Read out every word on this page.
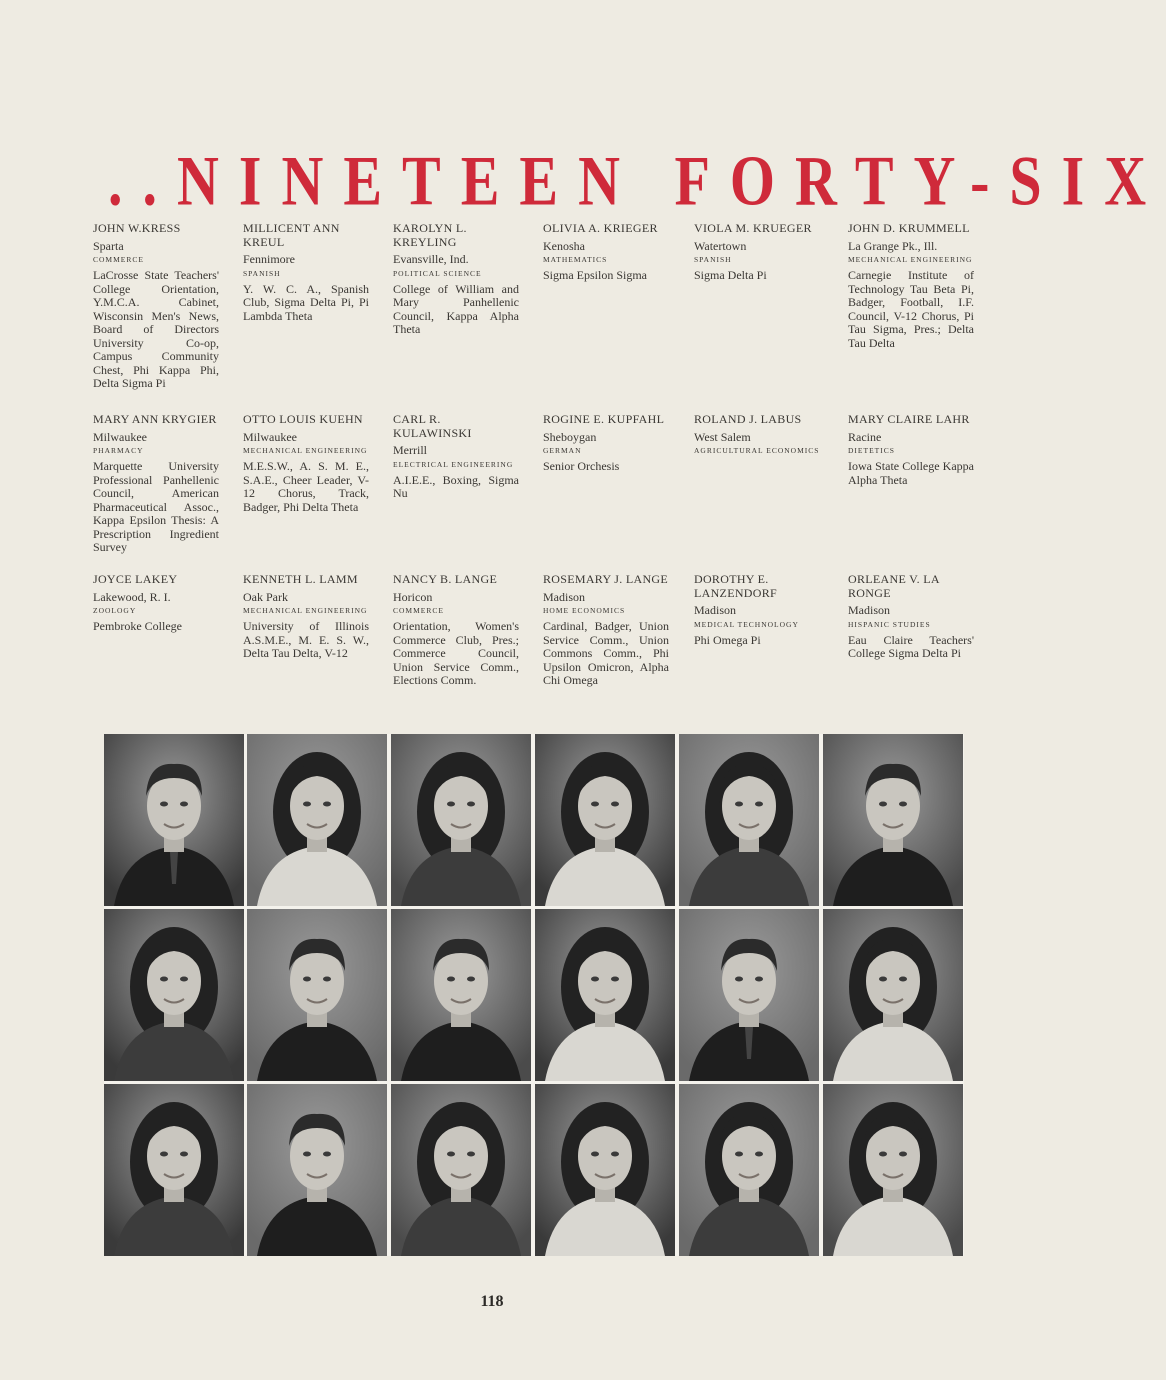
..NINETEEN FORTY-SIX
JOHN W.KRESS
Sparta
COMMERCE
LaCrosse State Teachers' College Orientation, Y.M.C.A. Cabinet, Wisconsin Men's News, Board of Directors University Co-op, Campus Community Chest, Phi Kappa Phi, Delta Sigma Pi
MILLICENT ANN KREUL
Fennimore
SPANISH
Y. W. C. A., Spanish Club, Sigma Delta Pi, Pi Lambda Theta
KAROLYN L. KREYLING
Evansville, Ind.
POLITICAL SCIENCE
College of William and Mary Panhellenic Council, Kappa Alpha Theta
OLIVIA A. KRIEGER
Kenosha
MATHEMATICS
Sigma Epsilon Sigma
VIOLA M. KRUEGER
Watertown
SPANISH
Sigma Delta Pi
JOHN D. KRUMMELL
La Grange Pk., Ill.
MECHANICAL ENGINEERING
Carnegie Institute of Technology Tau Beta Pi, Badger, Football, I.F. Council, V-12 Chorus, Pi Tau Sigma, Pres.; Delta Tau Delta
MARY ANN KRYGIER
Milwaukee
PHARMACY
Marquette University Professional Panhellenic Council, American Pharmaceutical Assoc., Kappa Epsilon Thesis: A Prescription Ingredient Survey
OTTO LOUIS KUEHN
Milwaukee
MECHANICAL ENGINEERING
M.E.S.W., A. S. M. E., S.A.E., Cheer Leader, V-12 Chorus, Track, Badger, Phi Delta Theta
CARL R. KULAWINSKI
Merrill
ELECTRICAL ENGINEERING
A.I.E.E., Boxing, Sigma Nu
ROGINE E. KUPFAHL
Sheboygan
GERMAN
Senior Orchesis
ROLAND J. LABUS
West Salem
AGRICULTURAL ECONOMICS
MARY CLAIRE LAHR
Racine
DIETETICS
Iowa State College Kappa Alpha Theta
JOYCE LAKEY
Lakewood, R. I.
ZOOLOGY
Pembroke College
KENNETH L. LAMM
Oak Park
MECHANICAL ENGINEERING
University of Illinois A.S.M.E., M. E. S. W., Delta Tau Delta, V-12
NANCY B. LANGE
Horicon
COMMERCE
Orientation, Women's Commerce Club, Pres.; Commerce Council, Union Service Comm., Elections Comm.
ROSEMARY J. LANGE
Madison
HOME ECONOMICS
Cardinal, Badger, Union Service Comm., Union Commons Comm., Phi Upsilon Omicron, Alpha Chi Omega
DOROTHY E. LANZENDORF
Madison
MEDICAL TECHNOLOGY
Phi Omega Pi
ORLEANE V. LA RONGE
Madison
HISPANIC STUDIES
Eau Claire Teachers' College Sigma Delta Pi
118
